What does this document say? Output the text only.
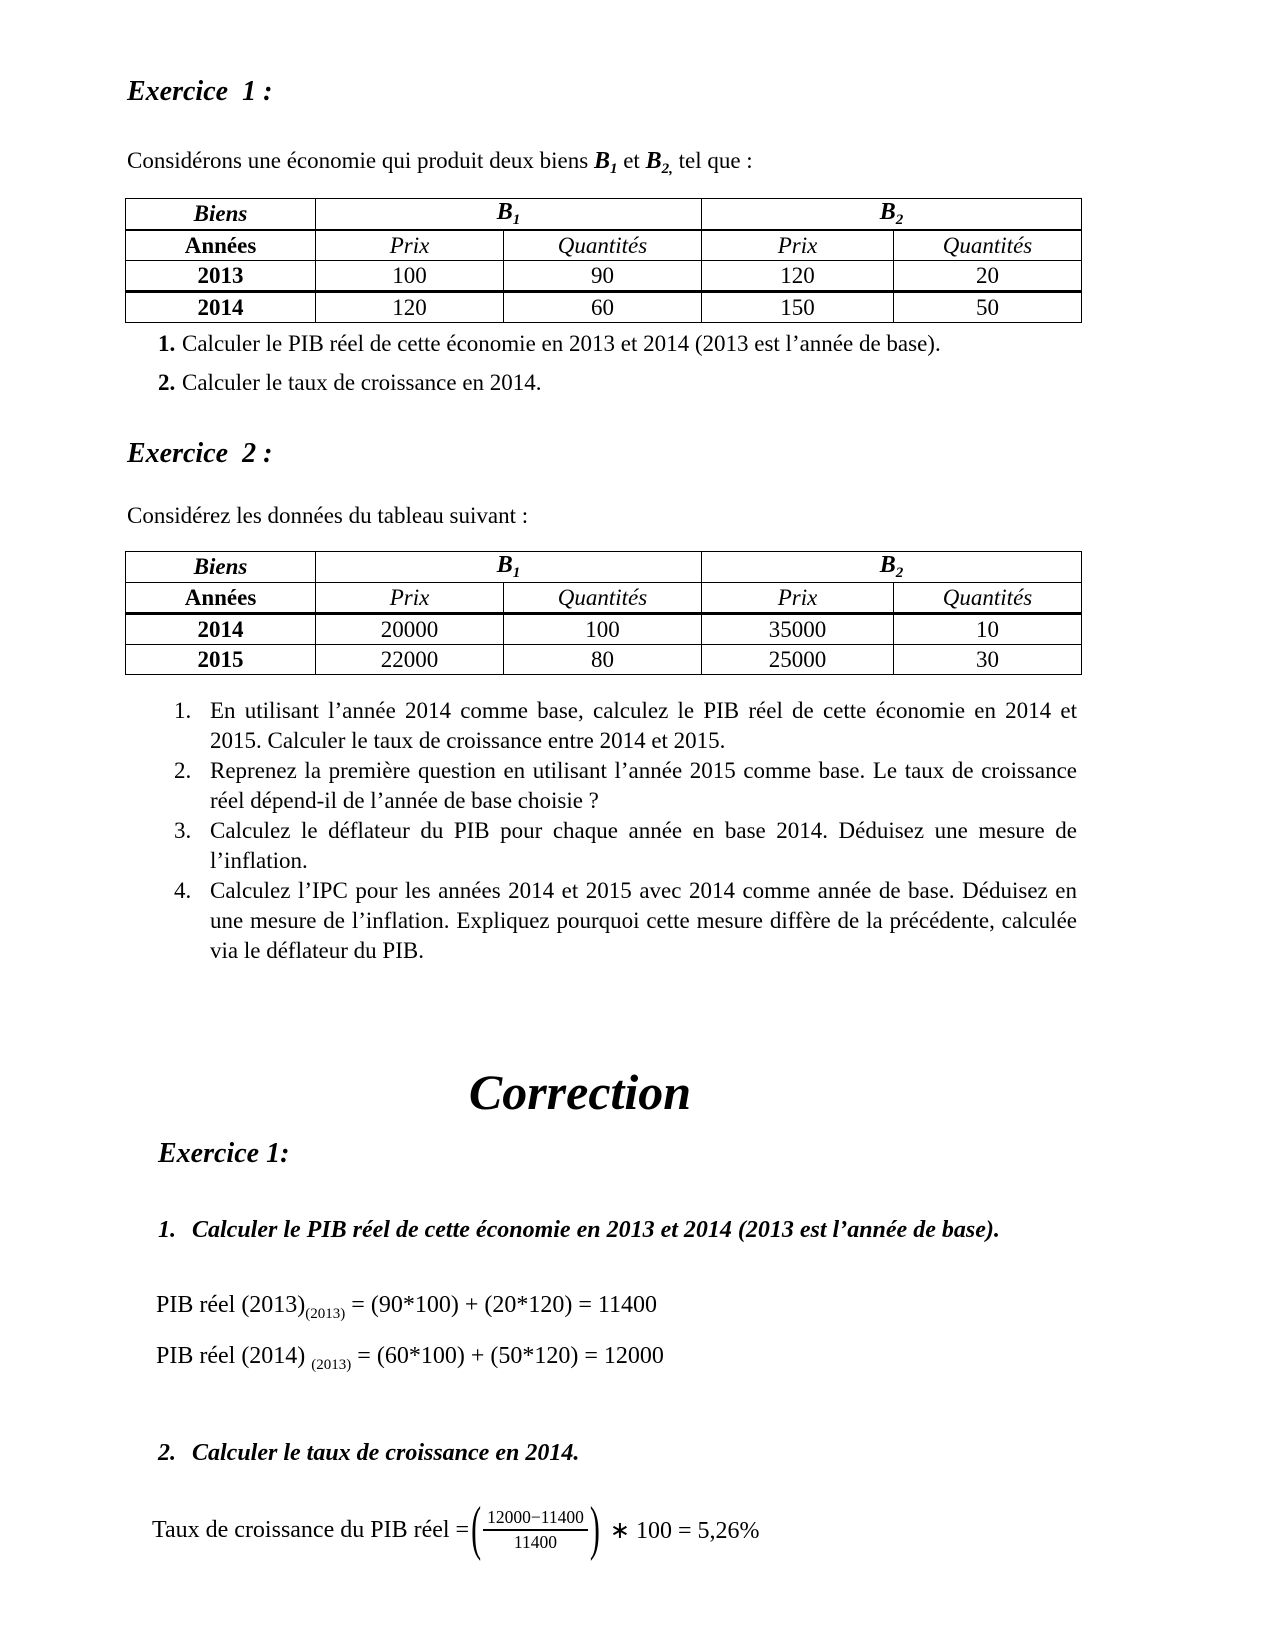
Exercice  1 :
Considérons une économie qui produit deux biens $B_1$ et $B_{2,}$ tel que :
Biens	$B_1$		$B_2$
Années	Prix	Quantités	Prix	Quantités
2013	100	90	120	20
2014	120	60	150	50
1. Calculer le PIB réel de cette économie en 2013 et 2014 (2013 est l’année de base).
2. Calculer le taux de croissance en 2014.
Exercice  2 :
Considérez les données du tableau suivant :
Biens	$B_1$		$B_2$
Années	Prix	Quantités	Prix	Quantités
2014	20000	100	35000	10
2015	22000	80	25000	30
1. En utilisant l’année 2014 comme base, calculez le PIB réel de cette économie en 2014 et 2015. Calculer le taux de croissance entre 2014 et 2015.
2. Reprenez la première question en utilisant l’année 2015 comme base. Le taux de croissance réel dépend-il de l’année de base choisie ?
3. Calculez le déflateur du PIB pour chaque année en base 2014. Déduisez une mesure de l’inflation.
4. Calculez l’IPC pour les années 2014 et 2015 avec 2014 comme année de base. Déduisez en une mesure de l’inflation. Expliquez pourquoi cette mesure diffère de la précédente, calculée via le déflateur du PIB.
Correction
Exercice 1:
1. Calculer le PIB réel de cette économie en 2013 et 2014 (2013 est l’année de base).
PIB réel $(2013)_{(2013)} = (90*100) + (20*120) = 11400$
PIB réel (2014) $_{(2013)}$ = (60*100) + (50*120) = 12000
2. Calculer le taux de croissance en 2014.
Taux de croissance du PIB réel = ( $\frac{12000-11400}{11400}$ ) ∗ 100 = 5,26%
